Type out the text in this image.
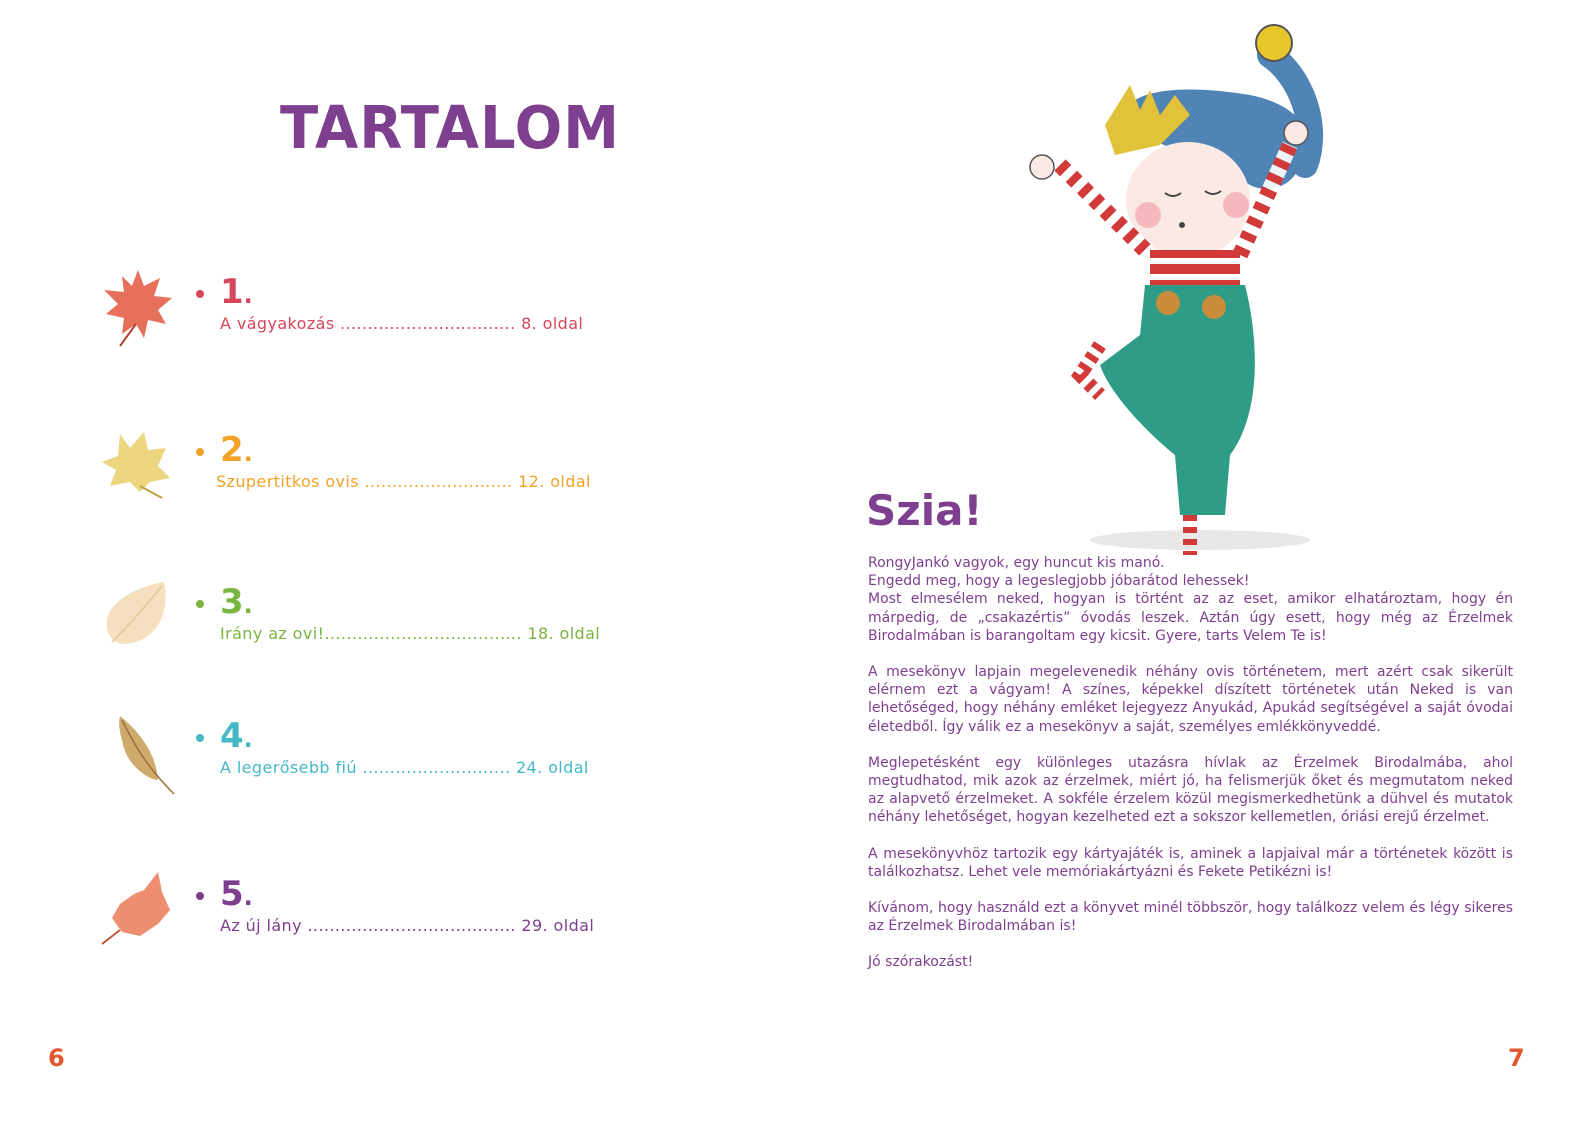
TARTALOM
1.
A vágyakozás ................................ 8. oldal
2.
Szupertitkos ovis ........................... 12. oldal
3.
Irány az ovi!.................................... 18. oldal
4.
A legerősebb fiú ........................... 24. oldal
5.
Az új lány ...................................... 29. oldal
6
Szia!

RongyJankó vagyok, egy huncut kis manó.

Engedd meg, hogy a legeslegjobb jóbarátod lehessek!

Most elmesélem neked, hogyan is történt az az eset, amikor elhatároztam, hogy én márpedig, de „csakazértis” óvodás leszek. Aztán úgy esett, hogy még az Érzelmek Birodalmában is barangoltam egy kicsit. Gyere, tarts Velem Te is!

A mesekönyv lapjain megelevenedik néhány ovis történetem, mert azért csak sikerült elérnem ezt a vágyam! A színes, képekkel díszített történetek után Neked is van lehetőséged, hogy néhány emléket lejegyezz Anyukád, Apukád segítségével a saját óvodai életedből. Így válik ez a mesekönyv a saját, személyes emlékkönyveddé.

Meglepetésként egy különleges utazásra hívlak az Érzelmek Birodalmába, ahol megtudhatod, mik azok az érzelmek, miért jó, ha felismerjük őket és megmutatom neked az alapvető érzelmeket. A sokféle érzelem közül megismerkedhetünk a dühvel és mutatok néhány lehetőséget, hogyan kezelheted ezt a sokszor kellemetlen, óriási erejű érzelmet.

A mesekönyvhöz tartozik egy kártyajáték is, aminek a lapjaival már a történetek között is találkozhatsz. Lehet vele memóriakártyázni és Fekete Petikézni is!

Kívánom, hogy használd ezt a könyvet minél többször, hogy találkozz velem és légy sikeres az Érzelmek Birodalmában is!

Jó szórakozást!

7
